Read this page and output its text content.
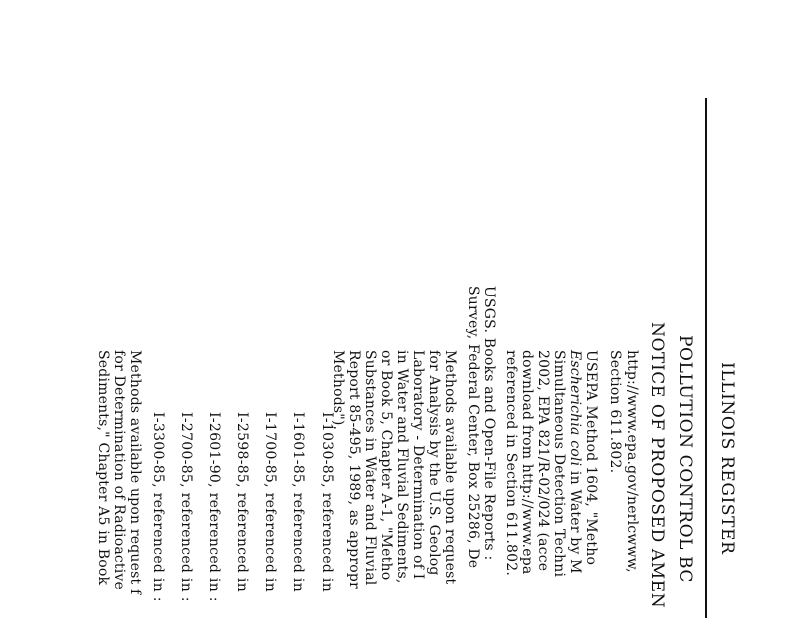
ILLINOIS REGISTER
POLLUTION CONTROL BC
NOTICE OF PROPOSED AMEN
http://www.epa.gov/nerlcwww,
Section 611.802.
USEPA Method 1604, "Metho
Escherichia coli in Water by M
Simultaneous Detection Techni
2002, EPA 821/R-02/024 (acce
download from http://www.epa
referenced in Section 611.802.
USGS. Books and Open-File Reports :
Survey, Federal Center, Box 25286, De
Methods available upon request
for Analysis by the U.S. Geolog
Laboratory - Determination of I
in Water and Fluvial Sediments,
or Book 5, Chapter A-1, "Metho
Substances in Water and Fluvial
Report 85-495, 1989, as appropr
Methods").
I-1030-85, referenced in
I-1601-85, referenced in
I-1700-85, referenced in
I-2598-85, referenced in
I-2601-90, referenced in :
I-2700-85, referenced in :
I-3300-85, referenced in :
Methods available upon request f
for Determination of Radioactive
Sediments," Chapter A5 in Book
